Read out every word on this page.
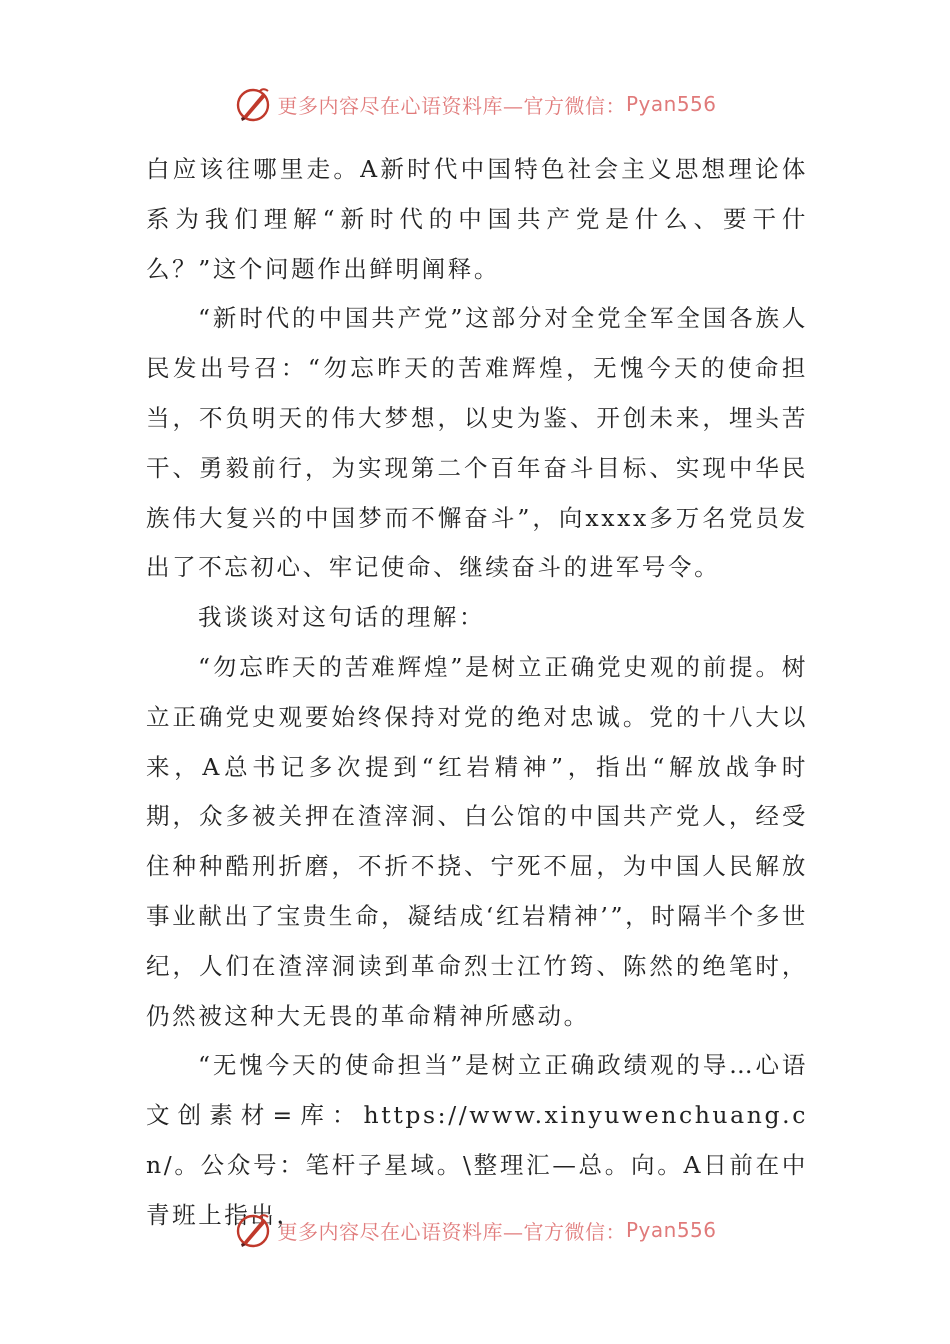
更多内容尽在心语资料库—官方微信： Pyan556

白应该往哪里走。A新时代中国特色社会主义思想理论体系为我们理解“新时代的中国共产党是什么、要干什么？”这个问题作出鲜明阐释。

“新时代的中国共产党”这部分对全党全军全国各族人民发出号召：“勿忘昨天的苦难辉煌，无愧今天的使命担当，不负明天的伟大梦想，以史为鉴、开创未来，埋头苦干、勇毅前行，为实现第二个百年奋斗目标、实现中华民族伟大复兴的中国梦而不懈奋斗”，向xxxx多万名党员发出了不忘初心、牢记使命、继续奋斗的进军号令。

我谈谈对这句话的理解：

“勿忘昨天的苦难辉煌”是树立正确党史观的前提。树立正确党史观要始终保持对党的绝对忠诚。党的十八大以来，A总书记多次提到“红岩精神”，指出“解放战争时期，众多被关押在渣滓洞、白公馆的中国共产党人，经受住种种酷刑折磨，不折不挠、宁死不屈，为中国人民解放事业献出了宝贵生命，凝结成‘红岩精神’”，时隔半个多世纪，人们在渣滓洞读到革命烈士江竹筠、陈然的绝笔时，仍然被这种大无畏的革命精神所感动。

“无愧今天的使命担当”是树立正确政绩观的导…心语文创素材=库：https://www.xinyuwenchuang.cn/。公众号：笔杆子星域。\整理汇—总。向。A日前在中青班上指出，

更多内容尽在心语资料库—官方微信： Pyan556
